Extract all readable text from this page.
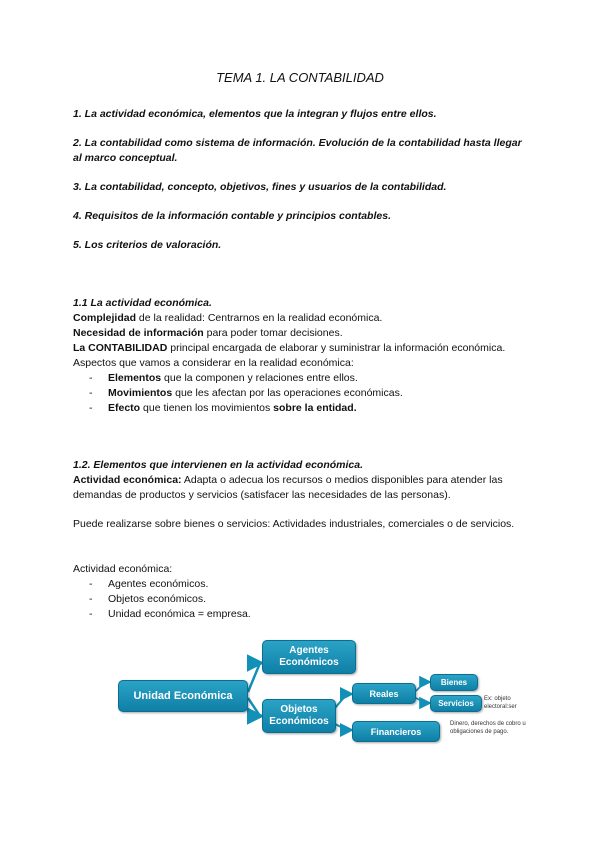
TEMA 1. LA CONTABILIDAD
1. La actividad económica, elementos que la integran y flujos entre ellos.
2. La contabilidad como sistema de información. Evolución de la contabilidad hasta llegar al marco conceptual.
3. La contabilidad, concepto, objetivos, fines y usuarios de la contabilidad.
4. Requisitos de la información contable y principios contables.
5. Los criterios de valoración.

1.1 La actividad económica.

Complejidad de la realidad: Centrarnos en la realidad económica.

Necesidad de información para poder tomar decisiones.

La CONTABILIDAD principal encargada de elaborar y suministrar la información económica.

Aspectos que vamos a considerar en la realidad económica:

- Elementos que la componen y relaciones entre ellos.
- Movimientos que les afectan por las operaciones económicas.
- Efecto que tienen los movimientos sobre la entidad.

1.2. Elementos que intervienen en la actividad económica.

Actividad económica: Adapta o adecua los recursos o medios disponibles para atender las demandas de productos y servicios (satisfacer las necesidades de las personas).

Puede realizarse sobre bienes o servicios: Actividades industriales, comerciales o de servicios.

Actividad económica:

- Agentes económicos.
- Objetos económicos.
- Unidad económica = empresa.
Unidad Económica
Agentes Económicos
Objetos Económicos
Reales
Financieros
Bienes
Servicios	Ex: objeto electoral:ser
Dinero, derechos de cobro u obligaciones de pago.
